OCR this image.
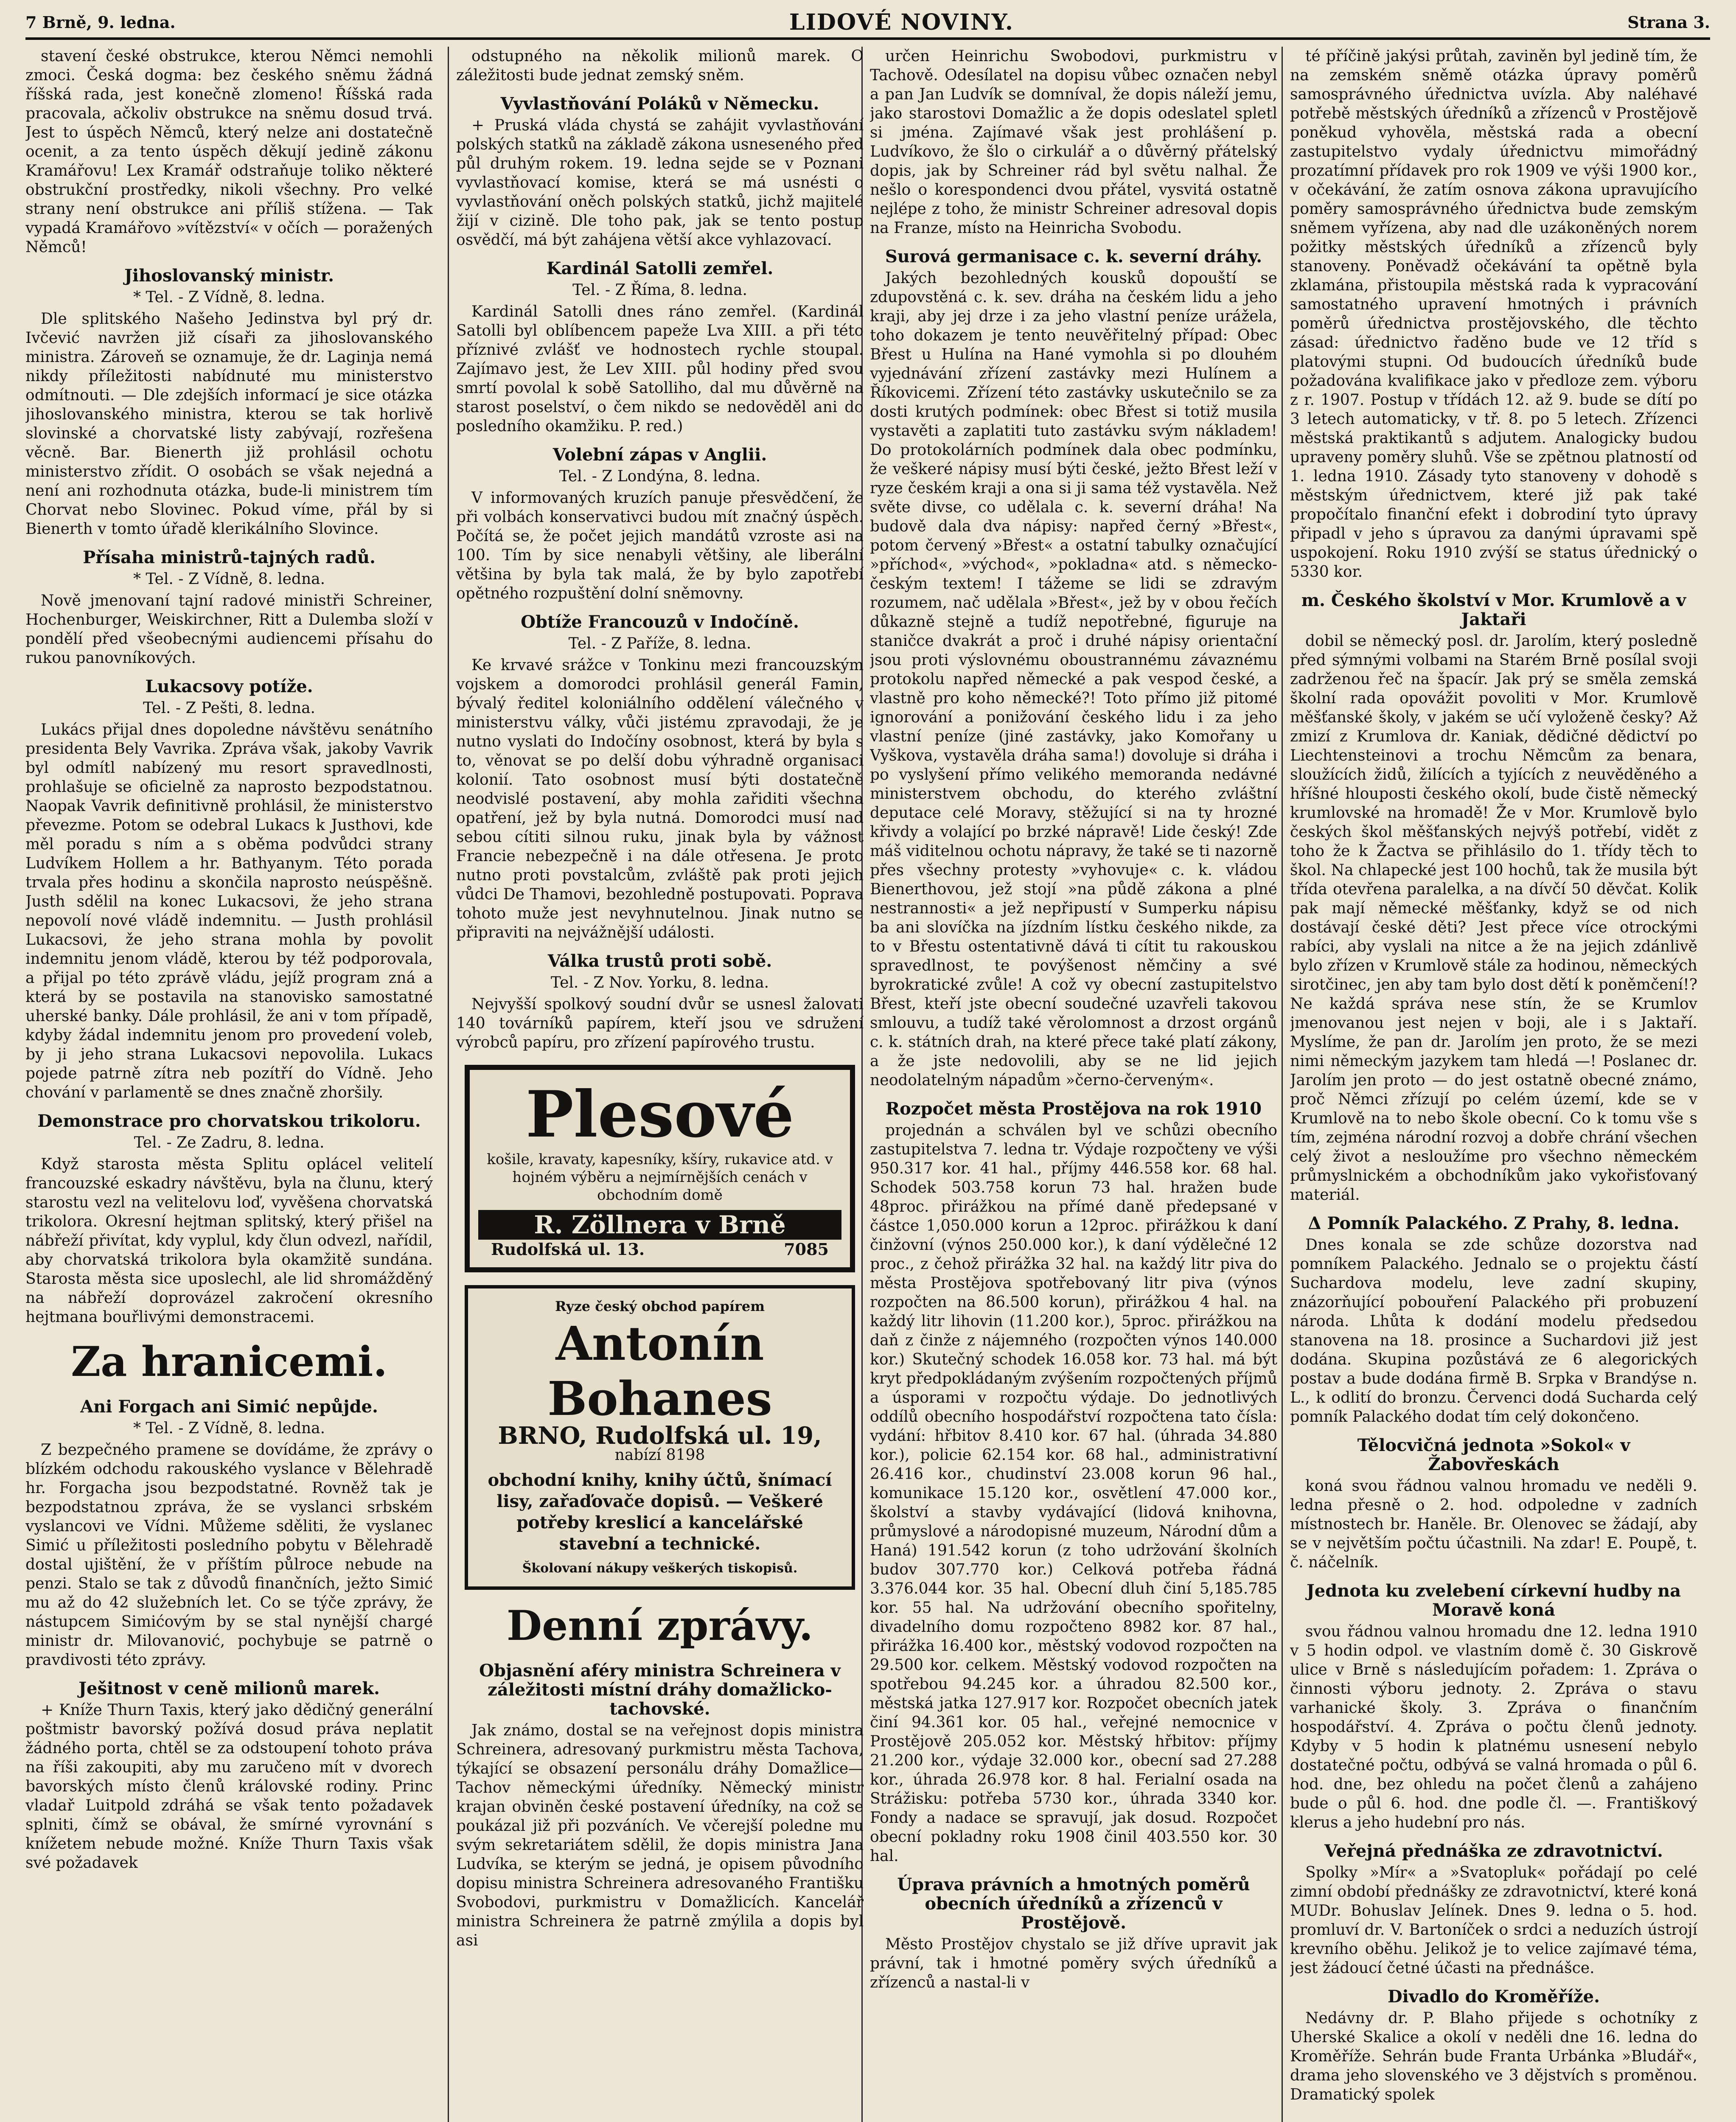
7 Brně, 9. ledna.	LIDOVÉ NOVINY.	Strana 3.

stavení české obstrukce, kterou Němci nemohli zmoci. Česká dogma: bez českého sněmu žádná říšská rada, jest konečně zlomeno! Říšská rada pracovala, ačkoliv obstrukce na sněmu dosud trvá. Jest to úspěch Němců, který nelze ani dostatečně ocenit, a za tento úspěch děkují jedině zákonu Kramářovu! Lex Kramář odstraňuje toliko některé obstrukční prostředky, nikoli všechny. Pro velké strany není obstrukce ani příliš stížena. — Tak vypadá Kramářovo »vítězství« v očích — poražených Němců!

Jihoslovanský ministr.
* Tel. - Z Vídně, 8. ledna.

Dle splitského Našeho Jedinstva byl prý dr. Ivčević navržen již císaři za jihoslovanského ministra. Zároveň se oznamuje, že dr. Laginja nemá nikdy příležitosti nabídnuté mu ministerstvo odmítnouti. — Dle zdejších informací je sice otázka jihoslovanského ministra, kterou se tak horlivě slovinské a chorvatské listy zabývají, rozřešena věcně. Bar. Bienerth již prohlásil ochotu ministerstvo zřídit. O osobách se však nejedná a není ani rozhodnuta otázka, bude-li ministrem tím Chorvat nebo Slovinec. Pokud víme, přál by si Bienerth v tomto úřadě klerikálního Slovince.

Přísaha ministrů-tajných radů.
* Tel. - Z Vídně, 8. ledna.

Nově jmenovaní tajní radové ministři Schreiner, Hochenburger, Weiskirchner, Ritt a Dulemba složí v pondělí před všeobecnými audiencemi přísahu do rukou panovníkových.

Lukacsovy potíže.
Tel. - Z Pešti, 8. ledna.

Lukács přijal dnes dopoledne návštěvu senátního presidenta Bely Vavrika. Zpráva však, jakoby Vavrik byl odmítl nabízený mu resort spravedlnosti, prohlašuje se oficielně za naprosto bezpodstatnou. Naopak Vavrik definitivně prohlásil, že ministerstvo převezme. Potom se odebral Lukacs k Justhovi, kde měl poradu s ním a s oběma podvůdci strany Ludvíkem Hollem a hr. Bathyanym. Této porada trvala přes hodinu a skončila naprosto neúspěšně. Justh sdělil na konec Lukacsovi, že jeho strana nepovolí nové vládě indemnitu. — Justh prohlásil Lukacsovi, že jeho strana mohla by povolit indemnitu jenom vládě, kterou by též podporovala, a přijal po této zprávě vládu, jejíž program zná a která by se postavila na stanovisko samostatné uherské banky. Dále prohlásil, že ani v tom případě, kdyby žádal indemnitu jenom pro provedení voleb, by ji jeho strana Lukacsovi nepovolila. Lukacs pojede patrně zítra neb pozítří do Vídně. Jeho chování v parlamentě se dnes značně zhoršily.

Demonstrace pro chorvatskou trikoloru.
Tel. - Ze Zadru, 8. ledna.

Když starosta města Splitu oplácel velitelí francouzské eskadry návštěvu, byla na člunu, který starostu vezl na velitelovu loď, vyvěšena chorvatská trikolora. Okresní hejtman splitský, který přišel na nábřeží přivítat, kdy vyplul, kdy člun odvezl, nařídil, aby chorvatská trikolora byla okamžitě sundána. Starosta města sice uposlechl, ale lid shromážděný na nábřeží doprovázel zakročení okresního hejtmana bouřlivými demonstracemi.

Za hranicemi.
Ani Forgach ani Simić nepůjde.
* Tel. - Z Vídně, 8. ledna.

Z bezpečného pramene se dovídáme, že zprávy o blízkém odchodu rakouského vyslance v Bělehradě hr. Forgacha jsou bezpodstatné. Rovněž tak je bezpodstatnou zpráva, že se vyslanci srbském vyslancovi ve Vídni. Můžeme sděliti, že vyslanec Simić u příležitosti posledního pobytu v Bělehradě dostal ujištění, že v příštím půlroce nebude na penzi. Stalo se tak z důvodů finančních, ježto Simić mu až do 42 služebních let. Co se týče zprávy, že nástupcem Simićovým by se stal nynější chargé ministr dr. Milovanović, pochybuje se patrně o pravdivosti této zprávy.

Ješitnost v ceně milionů marek.

+ Kníže Thurn Taxis, který jako dědičný generální poštmistr bavorský požívá dosud práva neplatit žádného porta, chtěl se za odstoupení tohoto práva na říši zakoupiti, aby mu zaručeno mít v dvorech bavorských místo členů královské rodiny. Princ vladař Luitpold zdráhá se však tento požadavek splniti, čímž se obával, že smírné vyrovnání s knížetem nebude možné. Kníže Thurn Taxis však své požadavek

odstupného na několik milionů marek. O záležitosti bude jednat zemský sněm.

Vyvlastňování Poláků v Německu.

+ Pruská vláda chystá se zahájit vyvlastňování polských statků na základě zákona usneseného před půl druhým rokem. 19. ledna sejde se v Poznani vyvlastňovací komise, která se má usnésti o vyvlastňování oněch polských statků, jichž majitelé žijí v cizině. Dle toho pak, jak se tento postup osvědčí, má být zahájena větší akce vyhlazovací.

Kardinál Satolli zemřel.
Tel. - Z Říma, 8. ledna.

Kardinál Satolli dnes ráno zemřel. (Kardinál Satolli byl oblíbencem papeže Lva XIII. a při této příznivé zvlášť ve hodnostech rychle stoupal. Zajímavo jest, že Lev XIII. půl hodiny před svou smrtí povolal k sobě Satolliho, dal mu důvěrně na starost poselství, o čem nikdo se nedověděl ani do posledního okamžiku. P. red.)

Volební zápas v Anglii.
Tel. - Z Londýna, 8. ledna.

V informovaných kruzích panuje přesvědčení, že při volbách konservativci budou mít značný úspěch. Počítá se, že počet jejich mandátů vzroste asi na 100. Tím by sice nenabyli většiny, ale liberální většina by byla tak malá, že by bylo zapotřebí opětného rozpuštění dolní sněmovny.

Obtíže Francouzů v Indočíně.
Tel. - Z Paříže, 8. ledna.

Ke krvavé srážce v Tonkinu mezi francouzským vojskem a domorodci prohlásil generál Famin, bývalý ředitel koloniálního oddělení válečného v ministerstvu války, vůči jistému zpravodaji, že je nutno vyslati do Indočíny osobnost, která by byla s to, věnovat se po delší dobu výhradně organisaci kolonií. Tato osobnost musí býti dostatečně neodvislé postavení, aby mohla zařiditi všechna opatření, jež by byla nutná. Domorodci musí nad sebou cítiti silnou ruku, jinak byla by vážnost Francie nebezpečně i na dále otřesena. Je proto nutno proti povstalcům, zvláště pak proti jejich vůdci De Thamovi, bezohledně postupovati. Poprava tohoto muže jest nevyhnutelnou. Jinak nutno se připraviti na nejvážnější události.

Válka trustů proti sobě.
Tel. - Z Nov. Yorku, 8. ledna.

Nejvyšší spolkový soudní dvůr se usnesl žalovati 140 továrníků papírem, kteří jsou ve sdružení výrobců papíru, pro zřízení papírového trustu.

Plesové
košile, kravaty, kapesníky, kšíry, rukavice atd. v hojném výběru a nejmírnějších cenách v obchodním domě
R. Zöllnera v Brně
Rudolfská ul. 13.	7085
Ryze český obchod papírem
Antonín Bohanes
BRNO, Rudolfská ul. 19,
nabízí 8198
obchodní knihy, knihy účtů, šnímací lisy, zařaďovače dopisů. — Veškeré potřeby kreslicí a kancelářské stavební a technické.
Školovaní nákupy veškerých tiskopisů.
Denní zprávy.
Objasnění aféry ministra Schreinera v záležitosti místní dráhy domažlicko-tachovské.

Jak známo, dostal se na veřejnost dopis ministra Schreinera, adresovaný purkmistru města Tachova, týkající se obsazení personálu dráhy Domažlice—Tachov německými úředníky. Německý ministr krajan obviněn české postavení úředníky, na což se poukázal již při pozváních. Ve včerejší poledne mu svým sekretariátem sdělil, že dopis ministra Jana Ludvíka, se kterým se jedná, je opisem původního dopisu ministra Schreinera adresovaného Františku Svobodovi, purkmistru v Domažlicích. Kancelář ministra Schreinera že patrně zmýlila a dopis byl asi

určen Heinrichu Swobodovi, purkmistru v Tachově. Odesílatel na dopisu vůbec označen nebyl a pan Jan Ludvík se domníval, že dopis náleží jemu, jako starostovi Domažlic a že dopis odeslatel spletl si jména. Zajímavé však jest prohlášení p. Ludvíkovo, že šlo o cirkulář a o důvěrný přátelský dopis, jak by Schreiner rád byl světu nalhal. Že nešlo o korespondenci dvou přátel, vysvitá ostatně nejlépe z toho, že ministr Schreiner adresoval dopis na Franze, místo na Heinricha Svobodu.

Surová germanisace c. k. severní dráhy.

Jakých bezohledných kousků dopouští se zdupovstěná c. k. sev. dráha na českém lidu a jeho kraji, aby jej drze i za jeho vlastní peníze urážela, toho dokazem je tento neuvěřitelný případ: Obec Břest u Hulína na Hané vymohla si po dlouhém vyjednávání zřízení zastávky mezi Hulínem a Říkovicemi. Zřízení této zastávky uskutečnilo se za dosti krutých podmínek: obec Břest si totiž musila vystavěti a zaplatiti tuto zastávku svým nákladem! Do protokolárních podmínek dala obec podmínku, že veškeré nápisy musí býti české, ježto Břest leží v ryze českém kraji a ona si ji sama též vystavěla. Než světe divse, co udělala c. k. severní dráha! Na budově dala dva nápisy: napřed černý »Břest«, potom červený »Břest« a ostatní tabulky označující »příchod«, »východ«, »pokladna« atd. s německo-českým textem! I tážeme se lidi se zdravým rozumem, nač udělala »Břest«, jež by v obou řečích důkazně stejně a tudíž nepotřebné, figuruje na staničce dvakrát a proč i druhé nápisy orientační jsou proti výslovnému oboustrannému závaznému protokolu napřed německé a pak vespod české, a vlastně pro koho německé?! Toto přímo již pitomé ignorování a ponižování českého lidu i za jeho vlastní peníze (jiné zastávky, jako Komořany u Vyškova, vystavěla dráha sama!) dovoluje si dráha i po vyslyšení přímo velikého memoranda nedávné ministerstvem obchodu, do kterého zvláštní deputace celé Moravy, stěžující si na ty hrozné křivdy a volající po brzké nápravě! Lide český! Zde máš viditelnou ochotu nápravy, že také se ti nazorně přes všechny protesty »vyhovuje« c. k. vládou Bienerthovou, jež stojí »na půdě zákona a plné nestrannosti« a jež nepřipustí v Sumperku nápisu ba ani slovíčka na jízdním lístku českého nikde, za to v Břestu ostentativně dává ti cítit tu rakouskou spravedlnost, te povýšenost němčiny a své byrokratické zvůle! A což vy obecní zastupitelstvo Břest, kteří jste obecní soudečné uzavřeli takovou smlouvu, a tudíž také věrolomnost a drzost orgánů c. k. státních drah, na které přece také platí zákony, a že jste nedovolili, aby se ne lid jejich neodolatelným nápadům »černo-červeným«.

Rozpočet města Prostějova na rok 1910

projednán a schválen byl ve schůzi obecního zastupitelstva 7. ledna tr. Výdaje rozpočteny ve výši 950.317 kor. 41 hal., příjmy 446.558 kor. 68 hal. Schodek 503.758 korun 73 hal. hražen bude 48proc. přirážkou na přímé daně předepsané v částce 1,050.000 korun a 12proc. přirážkou k daní činžovní (výnos 250.000 kor.), k daní výdělečné 12 proc., z čehož přirážka 32 hal. na každý litr piva do města Prostějova spotřebovaný litr piva (výnos rozpočten na 86.500 korun), přirážkou 4 hal. na každý litr lihovin (11.200 kor.), 5proc. přirážkou na daň z činže z nájemného (rozpočten výnos 140.000 kor.) Skutečný schodek 16.058 kor. 73 hal. má být kryt předpokládaným zvýšením rozpočtených příjmů a úsporami v rozpočtu výdaje. Do jednotlivých oddílů obecního hospodářství rozpočtena tato čísla: vydání: hřbitov 8.410 kor. 67 hal. (úhrada 34.880 kor.), policie 62.154 kor. 68 hal., administrativní 26.416 kor., chudinství 23.008 korun 96 hal., komunikace 15.120 kor., osvětlení 47.000 kor., školství a stavby vydávající (lidová knihovna, průmyslové a národopisné muzeum, Národní dům a Haná) 191.542 korun (z toho udržování školních budov 307.770 kor.) Celková potřeba řádná 3.376.044 kor. 35 hal. Obecní dluh činí 5,185.785 kor. 55 hal. Na udržování obecního spořitelny, divadelního domu rozpočteno 8982 kor. 87 hal., přirážka 16.400 kor., městský vodovod rozpočten na 29.500 kor. celkem. Městský vodovod rozpočten na spotřebou 94.245 kor. a úhradou 82.500 kor., městská jatka 127.917 kor. Rozpočet obecních jatek činí 94.361 kor. 05 hal., veřejné nemocnice v Prostějově 205.052 kor. Městský hřbitov: příjmy 21.200 kor., výdaje 32.000 kor., obecní sad 27.288 kor., úhrada 26.978 kor. 8 hal. Ferialní osada na Strážisku: potřeba 5730 kor., úhrada 3340 kor. Fondy a nadace se spravují, jak dosud. Rozpočet obecní pokladny roku 1908 činil 403.550 kor. 30 hal.

Úprava právních a hmotných poměrů obecních úředníků a zřízenců v Prostějově.

Město Prostějov chystalo se již dříve upravit jak právní, tak i hmotné poměry svých úředníků a zřízenců a nastal-li v

té příčině jakýsi průtah, zaviněn byl jedině tím, že na zemském sněmě otázka úpravy poměrů samosprávného úřednictva uvízla. Aby naléhavé potřebě městských úředníků a zřízenců v Prostějově poněkud vyhověla, městská rada a obecní zastupitelstvo vydaly úřednictvu mimořádný prozatímní přídavek pro rok 1909 ve výši 1900 kor., v očekávání, že zatím osnova zákona upravujícího poměry samosprávného úřednictva bude zemským sněmem vyřízena, aby nad dle uzákoněných norem požitky městských úředníků a zřízenců byly stanoveny. Poněvadž očekávání ta opětně byla zklamána, přistoupila městská rada k vypracování samostatného upravení hmotných i právních poměrů úřednictva prostějovského, dle těchto zásad: úřednictvo řaděno bude ve 12 tříd s platovými stupni. Od budoucích úředníků bude požadována kvalifikace jako v předloze zem. výboru z r. 1907. Postup v třídách 12. až 9. bude se dítí po 3 letech automaticky, v tř. 8. po 5 letech. Zřízenci městská praktikantů s adjutem. Analogicky budou upraveny poměry sluhů. Vše se zpětnou platností od 1. ledna 1910. Zásady tyto stanoveny v dohodě s městským úřednictvem, které již pak také propočítalo finanční efekt i dobrodiní tyto úpravy připadl v jeho s úpravou za danými úpravami spě uspokojení. Roku 1910 zvýší se status úřednický o 5330 kor.

m. Českého školství v Mor. Krumlově a v Jaktaři

dobil se německý posl. dr. Jarolím, který posledně před sýmnými volbami na Starém Brně posílal svoji zadrženou řeč na špacír. Jak prý se směla zemská školní rada opovážit povoliti v Mor. Krumlově měšťanské školy, v jakém se učí vyloženě česky? Až zmizí z Krumlova dr. Kaniak, dědičné dědictví po Liechtensteinovi a trochu Němcům za benara, sloužících židů, žilících a tyjících z neuvěděného a hříšné hlouposti českého okolí, bude čistě německý krumlovské na hromadě! Že v Mor. Krumlově bylo českých škol měšťanských nejvýš potřebí, vidět z toho že k Žactva se přihlásilo do 1. třídy těch to škol. Na chlapecké jest 100 hochů, tak že musila být třída otevřena paralelka, a na dívčí 50 děvčat. Kolik pak mají německé měšťanky, když se od nich dostávají české děti? Jest přece více otrockými rabíci, aby vyslali na nitce a že na jejich zdánlivě bylo zřízen v Krumlově stále za hodinou, německých sirotčinec, jen aby tam bylo dost dětí k poněmčení!? Ne každá správa nese stín, že se Krumlov jmenovanou jest nejen v boji, ale i s Jaktaří. Myslíme, že pan dr. Jarolím jen proto, že se mezi nimi německým jazykem tam hledá —! Poslanec dr. Jarolím jen proto — do jest ostatně obecné známo, proč Němci zřízují po celém území, kde se v Krumlově na to nebo škole obecní. Co k tomu vše s tím, zejména národní rozvoj a dobře chrání všechen celý život a nesloužíme pro všechno německém průmyslnickém a obchodníkům jako vykořisťovaný materiál.

Δ Pomník Palackého. Z Prahy, 8. ledna.

Dnes konala se zde schůze dozorstva nad pomníkem Palackého. Jednalo se o projektu částí Suchardova modelu, leve zadní skupiny, znázorňující pobouření Palackého při probuzení národa. Lhůta k dodání modelu předsedou stanovena na 18. prosince a Suchardovi již jest dodána. Skupina pozůstává ze 6 alegorických postav a bude dodána firmě B. Srpka v Brandýse n. L., k odlití do bronzu. Červenci dodá Sucharda celý pomník Palackého dodat tím celý dokončeno.

Tělocvičná jednota »Sokol« v Žabovřeskách

koná svou řádnou valnou hromadu ve neděli 9. ledna přesně o 2. hod. odpoledne v zadních místnostech br. Haněle. Br. Olenovec se žádají, aby se v největším počtu účastnili. Na zdar! E. Poupě, t. č. náčelník.

Jednota ku zvelebení církevní hudby na Moravě koná

svou řádnou valnou hromadu dne 12. ledna 1910 v 5 hodin odpol. ve vlastním domě č. 30 Giskrově ulice v Brně s následujícím pořadem: 1. Zpráva o činnosti výboru jednoty. 2. Zpráva o stavu varhanické školy. 3. Zpráva o finančním hospodářství. 4. Zpráva o počtu členů jednoty. Kdyby v 5 hodin k platnému usnesení nebylo dostatečné počtu, odbývá se valná hromada o půl 6. hod. dne, bez ohledu na počet členů a zahájeno bude o půl 6. hod. dne podle čl. —. Františkový klerus a jeho hudební pro nás.

Veřejná přednáška ze zdravotnictví.

Spolky »Mír« a »Svatopluk« pořádají po celé zimní období přednášky ze zdravotnictví, které koná MUDr. Bohuslav Jelínek. Dnes 9. ledna o 5. hod. promluví dr. V. Bartoníček o srdci a neduzích ústrojí krevního oběhu. Jelikož je to velice zajímavé téma, jest žádoucí četné účasti na přednášce.

Divadlo do Kroměříže.

Nedávny dr. P. Blaho přijede s ochotníky z Uherské Skalice a okolí v neděli dne 16. ledna do Kroměříže. Sehrán bude Franta Urbánka »Bludář«, drama jeho slovenského ve 3 dějstvích s proměnou. Dramatický spolek
